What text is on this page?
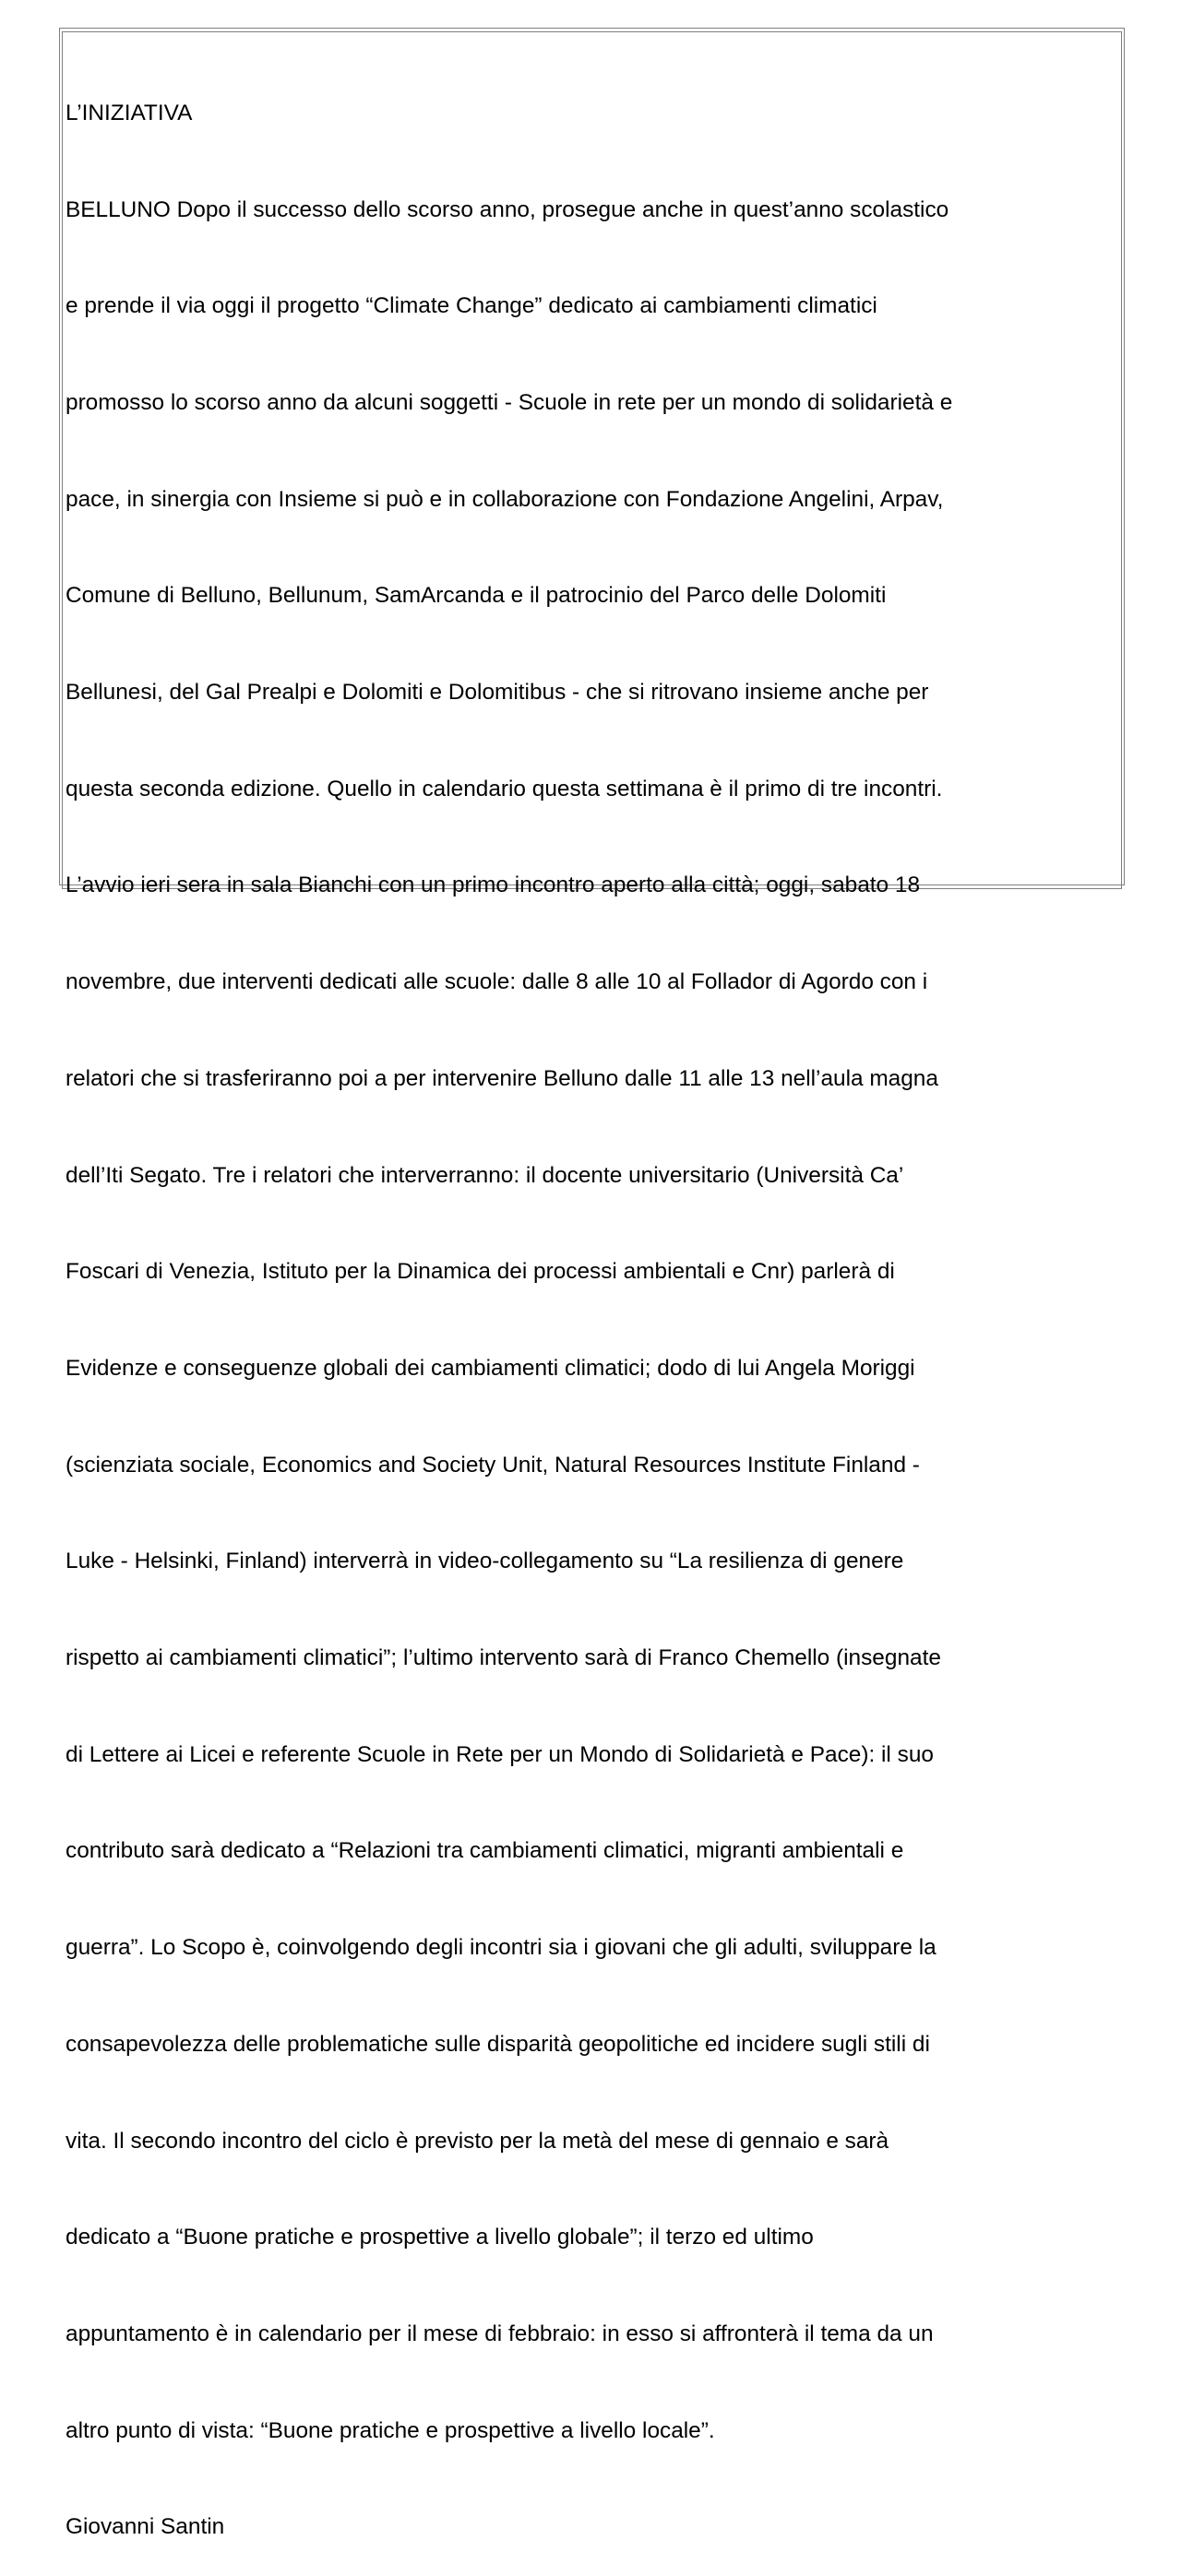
L’INIZIATIVA

BELLUNO Dopo il successo dello scorso anno, prosegue anche in quest’anno scolastico

e prende il via oggi il progetto “Climate Change” dedicato ai cambiamenti climatici

promosso lo scorso anno da alcuni soggetti - Scuole in rete per un mondo di solidarietà e

pace, in sinergia con Insieme si può e in collaborazione con Fondazione Angelini, Arpav,

Comune di Belluno, Bellunum, SamArcanda e il patrocinio del Parco delle Dolomiti

Bellunesi, del Gal Prealpi e Dolomiti e Dolomitibus - che si ritrovano insieme anche per

questa seconda edizione. Quello in calendario questa settimana è il primo di tre incontri.

L’avvio ieri sera in sala Bianchi con un primo incontro aperto alla città; oggi, sabato 18

novembre, due interventi dedicati alle scuole: dalle 8 alle 10 al Follador di Agordo con i

relatori che si trasferiranno poi a per intervenire Belluno dalle 11 alle 13 nell’aula magna

dell’Iti Segato. Tre i relatori che interverranno: il docente universitario (Università Ca’

Foscari di Venezia, Istituto per la Dinamica dei processi ambientali e Cnr) parlerà di

Evidenze e conseguenze globali dei cambiamenti climatici; dodo di lui Angela Moriggi

(scienziata sociale, Economics and Society Unit, Natural Resources Institute Finland -

Luke - Helsinki, Finland) interverrà in video-collegamento su “La resilienza di genere

rispetto ai cambiamenti climatici”; l’ultimo intervento sarà di Franco Chemello (insegnate

di Lettere ai Licei e referente Scuole in Rete per un Mondo di Solidarietà e Pace): il suo

contributo sarà dedicato a “Relazioni tra cambiamenti climatici, migranti ambientali e

guerra”. Lo Scopo è, coinvolgendo degli incontri sia i giovani che gli adulti, sviluppare la

consapevolezza delle problematiche sulle disparità geopolitiche ed incidere sugli stili di

vita. Il secondo incontro del ciclo è previsto per la metà del mese di gennaio e sarà

dedicato a “Buone pratiche e prospettive a livello globale”; il terzo ed ultimo

appuntamento è in calendario per il mese di febbraio: in esso si affronterà il tema da un

altro punto di vista: “Buone pratiche e prospettive a livello locale”.

Giovanni Santin
